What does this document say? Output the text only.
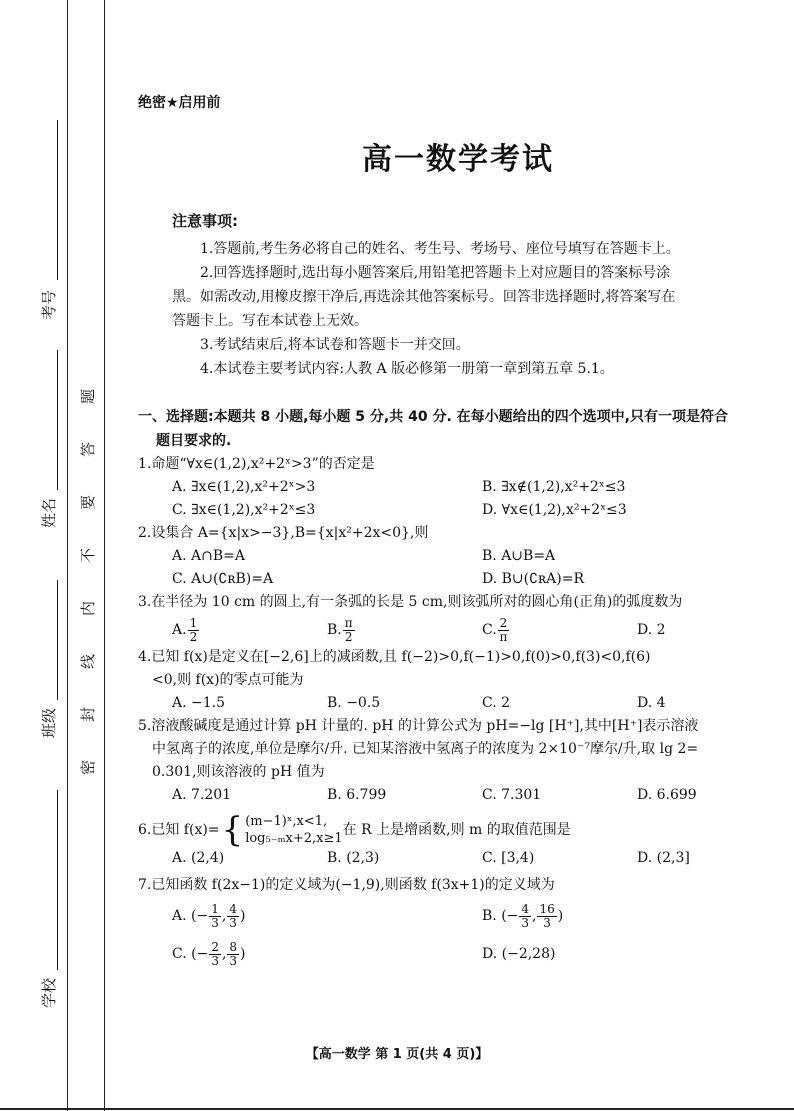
考号
姓名
班级
学校
题
答
要
不
内
线
封
密
绝密★启用前
高一数学考试
注意事项:

1.答题前,考生务必将自己的姓名、考生号、考场号、座位号填写在答题卡上。

2.回答选择题时,选出每小题答案后,用铅笔把答题卡上对应题目的答案标号涂

黑。如需改动,用橡皮擦干净后,再选涂其他答案标号。回答非选择题时,将答案写在

答题卡上。写在本试卷上无效。

3.考试结束后,将本试卷和答题卡一并交回。

4.本试卷主要考试内容:人教 A 版必修第一册第一章到第五章 5.1。

一、选择题:本题共 8 小题,每小题 5 分,共 40 分. 在每小题给出的四个选项中,只有一项是符合
题目要求的.
1.命题“∀x∈(1,2),x²+2ˣ>3”的否定是
A. ∃x∈(1,2),x²+2ˣ>3	B. ∃x∉(1,2),x²+2ˣ≤3
C. ∃x∈(1,2),x²+2ˣ≤3	D. ∀x∈(1,2),x²+2ˣ≤3
2.设集合 A={x|x>−3},B={x|x²+2x<0},则
A. A∩B=A	B. A∪B=A
C. A∪(∁ʀB)=A	D. B∪(∁ʀA)=R
3.在半径为 10 cm 的圆上,有一条弧的长是 5 cm,则该弧所对的圆心角(正角)的弧度数为
A. $\frac{1}{2}$	B. $\frac{\pi}{2}$	C. $\frac{2}{\pi}$	D. 2
4.已知 f(x)是定义在[−2,6]上的减函数,且 f(−2)>0,f(−1)>0,f(0)>0,f(3)<0,f(6)
<0,则 f(x)的零点可能为
A. −1.5	B. −0.5	C. 2	D. 4
5.溶液酸碱度是通过计算 pH 计量的. pH 的计算公式为 pH=−lg [H⁺],其中[H⁺]表示溶液
中氢离子的浓度,单位是摩尔/升. 已知某溶液中氢离子的浓度为 2×10⁻⁷摩尔/升,取 lg 2=
0.301,则该溶液的 pH 值为
A. 7.201	B. 6.799	C. 7.301	D. 6.699
6.已知 f(x)= { (m−1)ˣ,x<1,
log₅₋ₘx+2,x≥1
在 R 上是增函数,则 m 的取值范围是
A. (2,4)	B. (2,3)	C. [3,4)	D. (2,3]
7.已知函数 f(2x−1)的定义域为(−1,9),则函数 f(3x+1)的定义域为
A. (− $\frac{1}{3}$ , $\frac{4}{3}$ )	B. (− $\frac{4}{3}$ , $\frac{16}{3}$ )
C. (− $\frac{2}{3}$ , $\frac{8}{3}$ )	D. (−2,28)
【高一数学 第 1 页(共 4 页)】
